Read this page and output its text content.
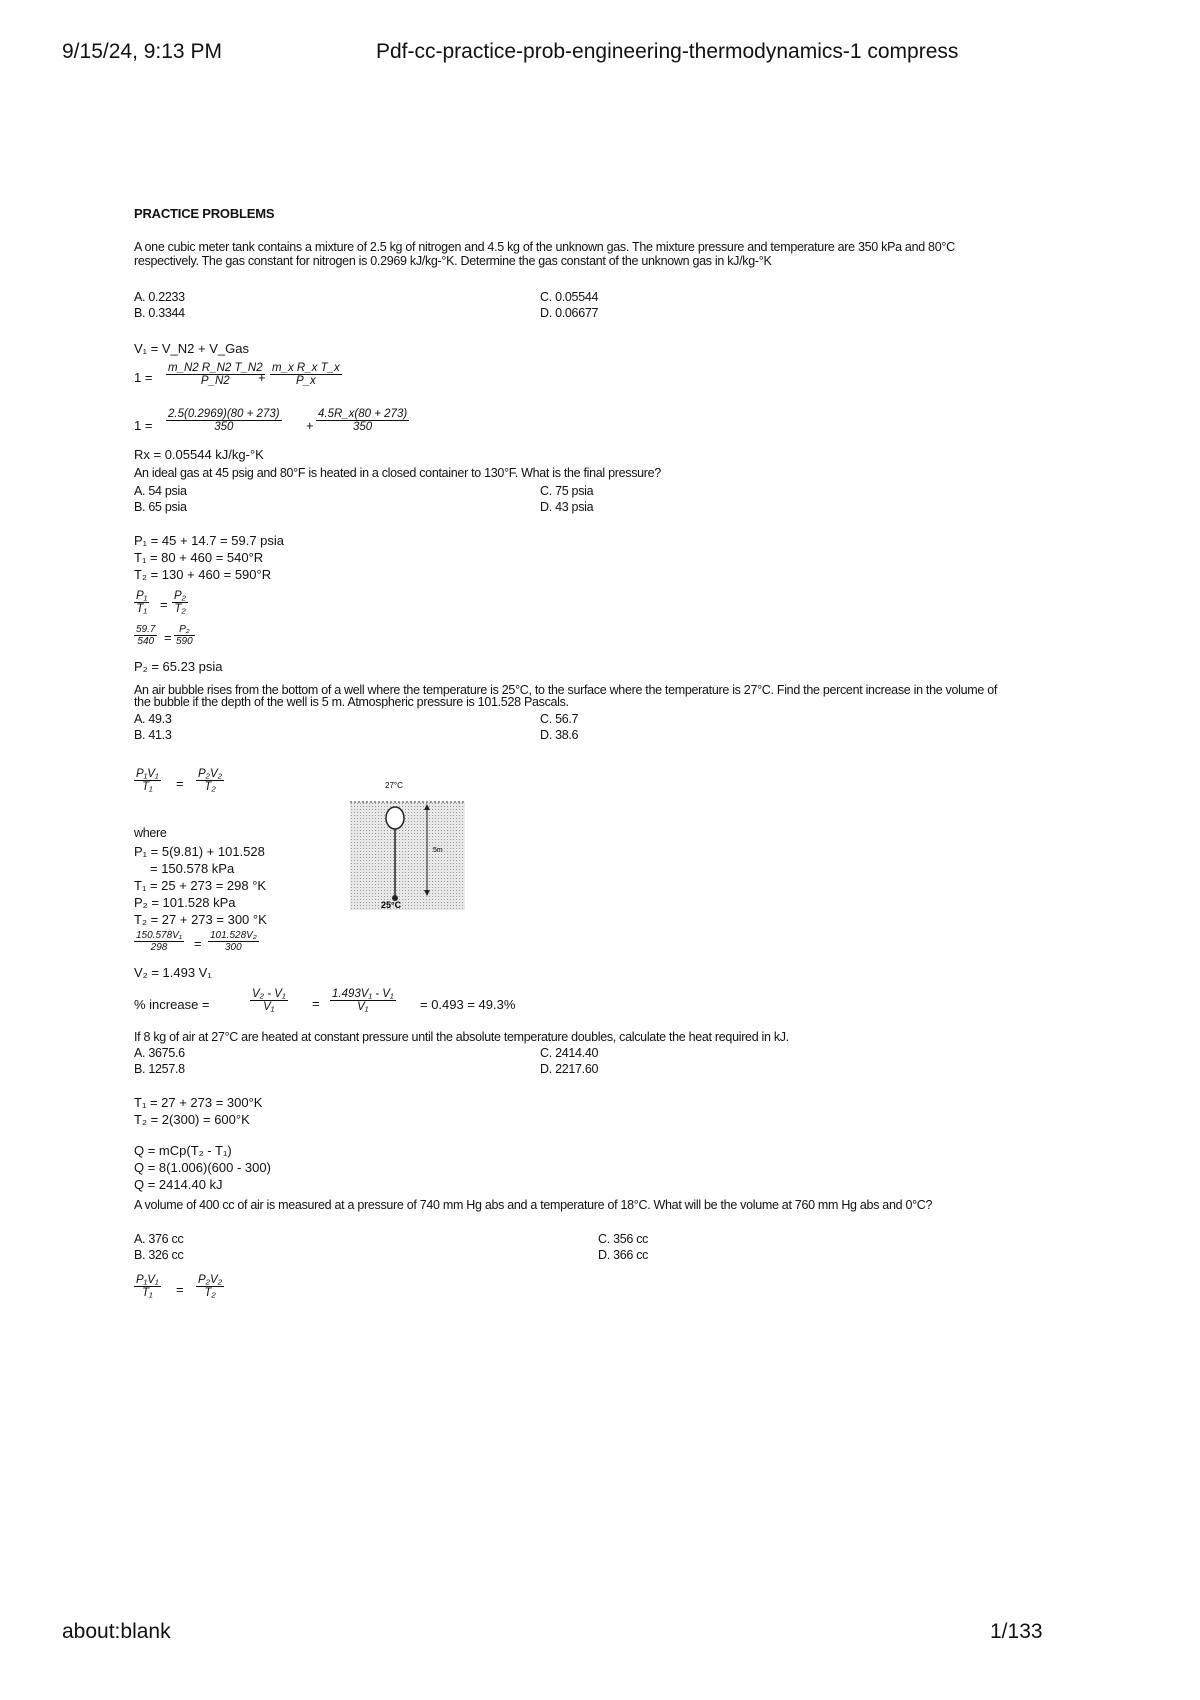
9/15/24, 9:13 PM	Pdf-cc-practice-prob-engineering-thermodynamics-1 compress
PRACTICE PROBLEMS
A one cubic meter tank contains a mixture of 2.5 kg of nitrogen and 4.5 kg of the unknown gas. The mixture pressure and temperature are 350 kPa and 80°C respectively. The gas constant for nitrogen is 0.2969 kJ/kg-°K. Determine the gas constant of the unknown gas in kJ/kg-°K
A. 0.2233
B. 0.3344
C. 0.05544
D. 0.06677
V₁ = V_N2 + V_Gas
$1 = \frac{m\_N2 R\_N2 T\_N2}{P\_N2}$
+ $\frac{\text{m\_x R\_x T\_x}}{P\_x}$
$1 = \frac{2.5(0.2969)(80 + 273)}{350} + \frac{4.5R\_x(80 + 273)}{350}$
Rx = 0.05544 kJ/kg-°K
An ideal gas at 45 psig and 80°F is heated in a closed container to 130°F. What is the final pressure?
A. 54 psia
B. 65 psia
C. 75 psia
D. 43 psia
P₁ = 45 + 14.7 = 59.7 psia
T₁ = 80 + 460 = 540°R
T₂ = 130 + 460 = 590°R
$\frac{\text{P₁}}{\text{T₁}} = \frac{\text{P₂}}{\text{T₂}}$
$\frac{59.7}{540} = \frac{\text{P₂}}{590}$
P₂ = 65.23 psia
An air bubble rises from the bottom of a well where the temperature is 25°C, to the surface where the temperature is 27°C. Find the percent increase in the volume of the bubble if the depth of the well is 5 m. Atmospheric pressure is 101.528 Pascals.
A. 49.3
B. 41.3
C. 56.7
D. 38.6
$\frac{\text{P₁V₁}}{\text{T₁}} = \frac{\text{P₂V₂}}{\text{T₂}}$	27°C
5m
25°C
where
P₁ = 5(9.81) + 101.528
= 150.578 kPa
T₁ = 25 + 273 = 298 °K
P₂ = 101.528 kPa
T₂ = 27 + 273 = 300 °K
$\frac{\text{150.578V₁}}{298} = \frac{\text{101.528V₂}}{300}$
V₂ = 1.493 V₁
% increase =	$\frac{\text{V₂ - V₁}}{\text{V₁}} = \frac{\text{1.493V₁ - V₁}}{\text{V₁}} = 0.493 = 49.3\%$
If 8 kg of air at 27°C are heated at constant pressure until the absolute temperature doubles, calculate the heat required in kJ.
A. 3675.6
B. 1257.8
C. 2414.40
D. 2217.60
T₁ = 27 + 273 = 300°K
T₂ = 2(300) = 600°K
Q = mCp(T₂ - T₁)
Q = 8(1.006)(600 - 300)
Q = 2414.40 kJ
A volume of 400 cc of air is measured at a pressure of 740 mm Hg abs and a temperature of 18°C. What will be the volume at 760 mm Hg abs and 0°C?
A. 376 cc
B. 326 cc
C. 356 cc
D. 366 cc
$\frac{\text{P₁V₁}}{\text{T₁}} = \frac{\text{P₂V₂}}{\text{T₂}}$
about:blank	1/133
